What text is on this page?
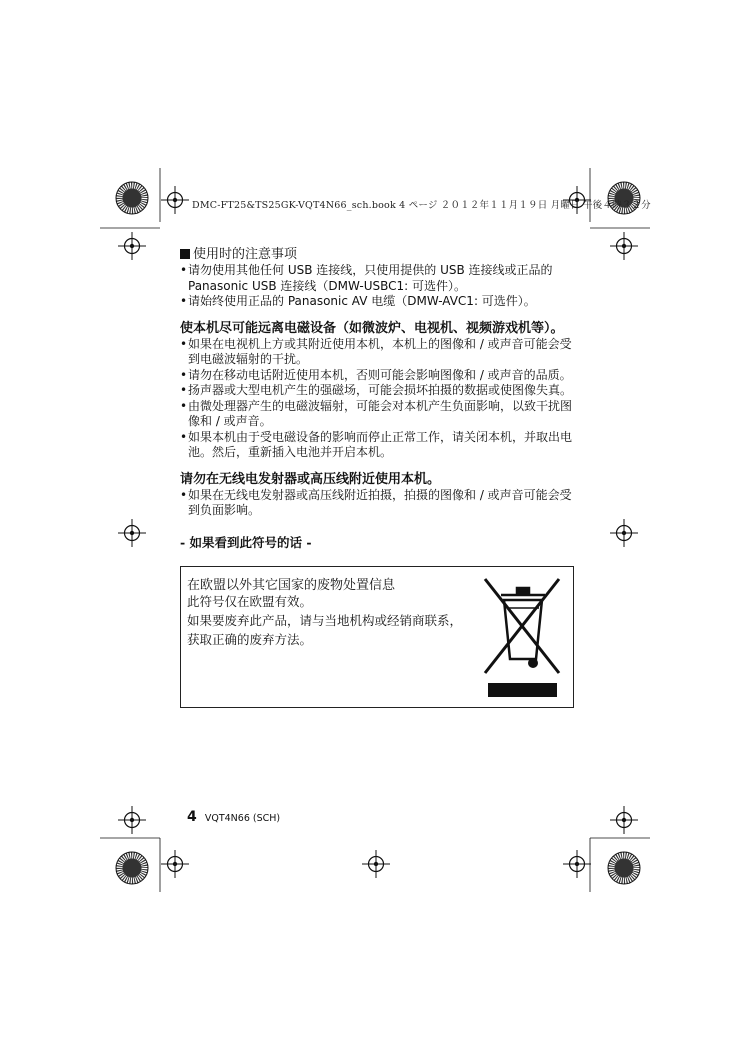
DMC-FT25&TS25GK-VQT4N66_sch.book 4 ページ ２０１２年１１月１９日 月曜日 午後４時３２分
使用时的注意事项
• 请勿使用其他任何 USB 连接线，只使用提供的 USB 连接线或正品的 Panasonic USB 连接线（DMW-USBC1: 可选件）。
• 请始终使用正品的 Panasonic AV 电缆（DMW-AVC1: 可选件）。
使本机尽可能远离电磁设备（如微波炉、电视机、视频游戏机等）。
• 如果在电视机上方或其附近使用本机，本机上的图像和 / 或声音可能会受到电磁波辐射的干扰。
• 请勿在移动电话附近使用本机，否则可能会影响图像和 / 或声音的品质。
• 扬声器或大型电机产生的强磁场，可能会损坏拍摄的数据或使图像失真。
• 由微处理器产生的电磁波辐射，可能会对本机产生负面影响，以致干扰图像和 / 或声音。
• 如果本机由于受电磁设备的影响而停止正常工作，请关闭本机，并取出电池。然后，重新插入电池并开启本机。
请勿在无线电发射器或高压线附近使用本机。
• 如果在无线电发射器或高压线附近拍摄，拍摄的图像和 / 或声音可能会受到负面影响。
- 如果看到此符号的话 -
在欧盟以外其它国家的废物处置信息
此符号仅在欧盟有效。
如果要废弃此产品，请与当地机构或经销商联系，获取正确的废弃方法。
4 VQT4N66 (SCH)
